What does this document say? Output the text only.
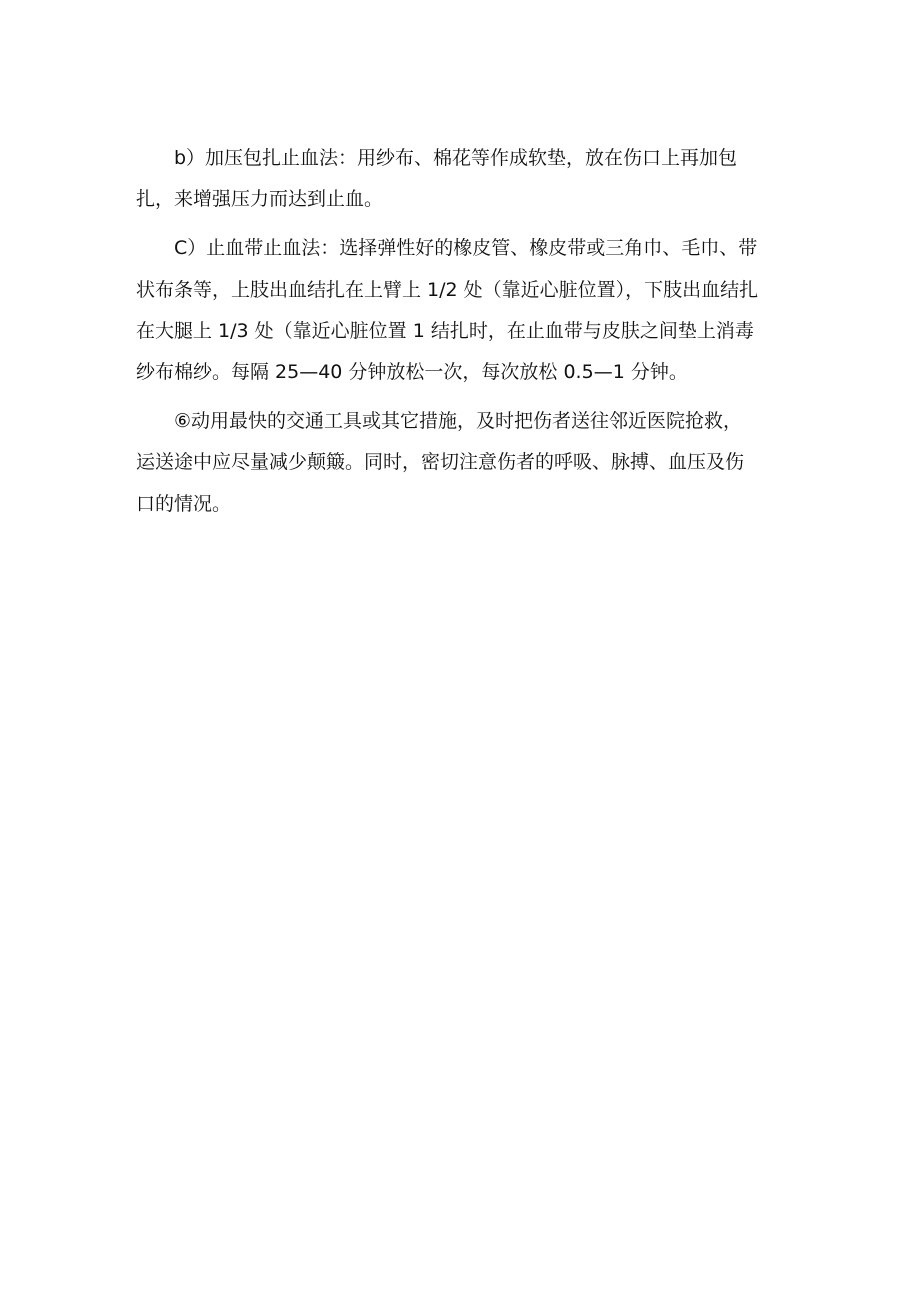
b）加压包扎止血法：用纱布、棉花等作成软垫，放在伤口上再加包
扎，来增强压力而达到止血。

C）止血带止血法：选择弹性好的橡皮管、橡皮带或三角巾、毛巾、带
状布条等，上肢出血结扎在上臂上 1/2 处（靠近心脏位置），下肢出血结扎
在大腿上 1/3 处（靠近心脏位置 1 结扎时，在止血带与皮肤之间垫上消毒
纱布棉纱。每隔 25—40 分钟放松一次，每次放松 0.5—1 分钟。

⑥动用最快的交通工具或其它措施，及时把伤者送往邻近医院抢救，
运送途中应尽量减少颠簸。同时，密切注意伤者的呼吸、脉搏、血压及伤
口的情况。
